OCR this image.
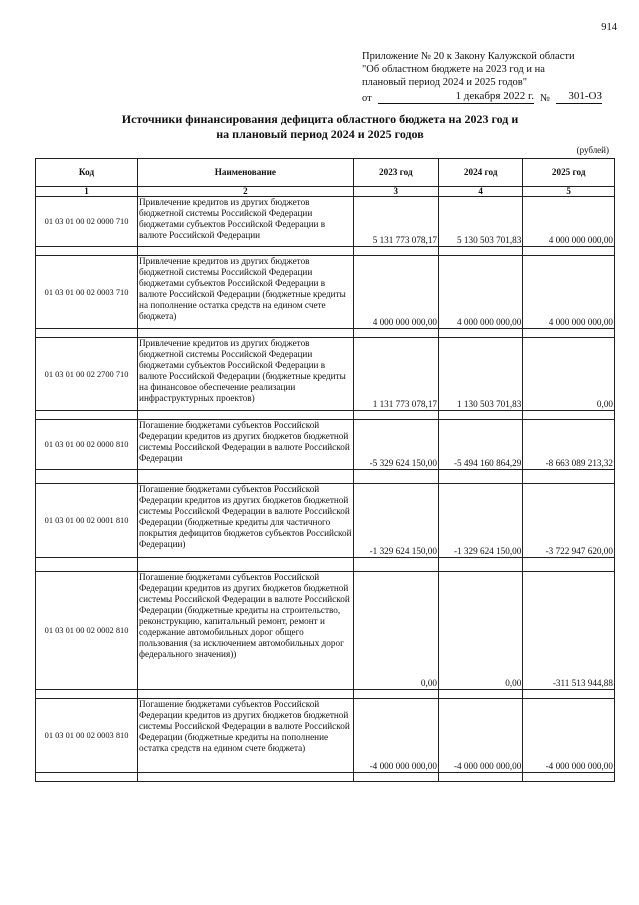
914
Приложение № 20 к Закону Калужской области
"Об областном бюджете на 2023 год и на
плановый период 2024 и 2025 годов"
от	1 декабря 2022 г. №	301-ОЗ
Источники финансирования дефицита областного бюджета на 2023 год и
на плановый период 2024 и 2025 годов
(рублей)
Код	Наименование	2023 год	2024 год	2025 год
1	2	3	4	5
01 03 01 00 02 0000 710	Привлечение кредитов из других бюджетов бюджетной системы Российской Федерации бюджетами субъектов Российской Федерации в валюте Российской Федерации	5 131 773 078,17	5 130 503 701,83	4 000 000 000,00

01 03 01 00 02 0003 710	Привлечение кредитов из других бюджетов бюджетной системы Российской Федерации бюджетами субъектов Российской Федерации в валюте Российской Федерации (бюджетные кредиты на пополнение остатка средств на едином счете бюджета)	4 000 000 000,00	4 000 000 000,00	4 000 000 000,00

01 03 01 00 02 2700 710	Привлечение кредитов из других бюджетов бюджетной системы Российской Федерации бюджетами субъектов Российской Федерации в валюте Российской Федерации (бюджетные кредиты на финансовое обеспечение реализации инфраструктурных проектов)	1 131 773 078,17	1 130 503 701,83	0,00

01 03 01 00 02 0000 810	Погашение бюджетами субъектов Российской Федерации кредитов из других бюджетов бюджетной системы Российской Федерации в валюте Российской Федерации	-5 329 624 150,00	-5 494 160 864,29	-8 663 089 213,32

01 03 01 00 02 0001 810	Погашение бюджетами субъектов Российской Федерации кредитов из других бюджетов бюджетной системы Российской Федерации в валюте Российской Федерации (бюджетные кредиты для частичного покрытия дефицитов бюджетов субъектов Российской Федерации)	-1 329 624 150,00	-1 329 624 150,00	-3 722 947 620,00

01 03 01 00 02 0002 810	Погашение бюджетами субъектов Российской Федерации кредитов из других бюджетов бюджетной системы Российской Федерации в валюте Российской Федерации (бюджетные кредиты на строительство, реконструкцию, капитальный ремонт, ремонт и содержание автомобильных дорог общего пользования (за исключением автомобильных дорог федерального значения))	0,00	0,00	-311 513 944,88

01 03 01 00 02 0003 810	Погашение бюджетами субъектов Российской Федерации кредитов из других бюджетов бюджетной системы Российской Федерации в валюте Российской Федерации (бюджетные кредиты на пополнение остатка средств на едином счете бюджета)	-4 000 000 000,00	-4 000 000 000,00	-4 000 000 000,00
